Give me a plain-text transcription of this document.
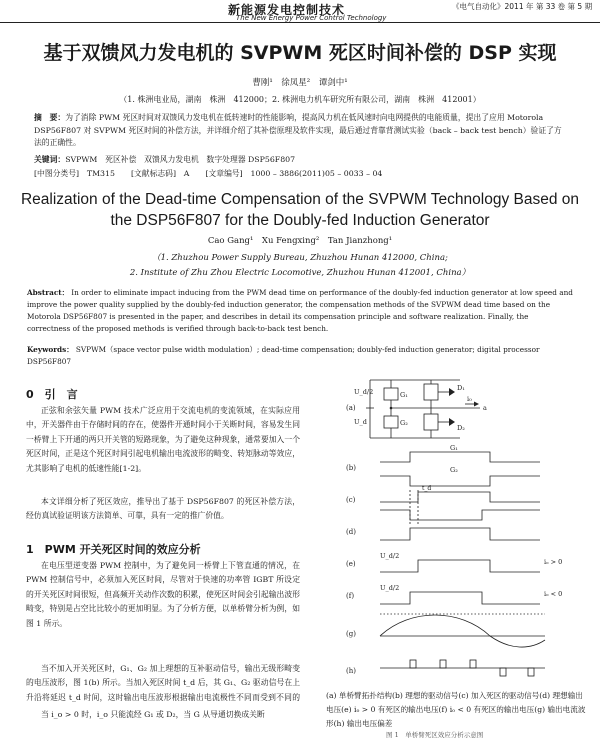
新能源发电控制技术
The New Energy Power Control Technology
《电气自动化》2011 年 第 33 卷 第 5 期
基于双馈风力发电机的 SVPWM 死区时间补偿的 DSP 实现
曹刚¹　徐凤星²　谭剑中¹
（1. 株洲电业局，湖南　株洲　412000；2. 株洲电力机车研究所有限公司，湖南　株洲　412001）
摘　要：为了消除 PWM 死区时间对双馈风力发电机在低转速时的性能影响，提高风力机在低风速时向电网提供的电能质量，提出了应用 Motorola DSP56F807 对 SVPWM 死区时间的补偿方法，并详细介绍了其补偿原理及软件实现，最后通过背靠背测试实验（back – back test bench）验证了方法的正确性。
关键词：SVPWM　死区补偿　双馈风力发电机　数字处理器 DSP56F807
[中图分类号]　TM315 [文献标志码]　A [文章编号]　1000 – 3886(2011)05 – 0033 – 04
Realization of the Dead-time Compensation of the SVPWM Technology Based on
the DSP56F807 for the Doubly-fed Induction Generator
Cao Gang¹　Xu Fengxing²　Tan Jianzhong¹
（1. Zhuzhou Power Supply Bureau, Zhuzhou Hunan 412000, China;
2. Institute of Zhu Zhou Electric Locomotive, Zhuzhou Hunan 412001, China）
Abstract： In order to eliminate impact inducing from the PWM dead time on performance of the doubly-fed induction generator at low speed and improve the power quality supplied by the doubly-fed induction generator, the compensation methods of the SVPWM dead time based on the Motorola DSP56F807 is presented in the paper, and describes in detail its compensation principle and software realization. Finally, the correctness of the proposed methods is verified through back-to-back test bench.
Keywords： SVPWM（space vector pulse width modulation）; dead-time compensation; doubly-fed induction generator; digital processor DSP56F807
0　引　言
正弦和余弦矢量 PWM 技术广泛应用于交流电机的变流领域，在实际应用中，开关器件由于存储时间的存在，使器件开通时间小于关断时间，容易发生同一桥臂上下开通的两只开关管的短路现象，为了避免这种现象，通常要加入一个死区时间，正是这个死区时间引起电机输出电流波形的畸变、转矩脉动等效应，尤其影响了电机的低速性能[1-2]。
本文详细分析了死区效应，推导出了基于 DSP56F807 的死区补偿方法，经仿真试验证明该方法简单、可靠，具有一定的推广价值。
1　PWM 开关死区时间的效应分析
在电压型逆变器 PWM 控制中，为了避免同一桥臂上下管直通的情况，在 PWM 控制信号中，必须加入死区时间，尽管对于快速的功率管 IGBT 所设定的开关死区时间很短，但高频开关动作次数的积累，使死区时间会引起输出波形畸变，特别是占空比比较小的更加明显。为了分析方便，以单桥臂分析为例，如图 1 所示。
当不加入开关死区时，G₁、G₂ 加上理想的互补驱动信号，输出无级形畸变的电压波形，图 1(b) 所示。当加入死区时间 t_d 后，其 G₁、G₂ 驱动信号在上升沿将延迟 t_d 时间，这时输出电压波形根据输出电流极性不同而受到不同的
当 i_o > 0 时，i_o 只能流经 G₁ 或 D₂，当 G 从导通切换成关断
(a)
(b)
(c)
(d)
(e)
(f)
(g)
(h)
G₁
G₂
D₁
D₂
i₀
a
U_d/2
U_d
G₁
G₂
t_d
U_d/2
iₒ > 0
U_d/2
iₒ < 0
(a) 单桥臂拓扑结构(b) 理想的驱动信号(c) 加入死区的驱动信号(d) 理想输出电压(e) iₒ > 0 有死区的输出电压(f) iₒ < 0 有死区的输出电压(g) 输出电流波形(h) 输出电压偏差
图 1　单桥臂死区效应分析示意图
